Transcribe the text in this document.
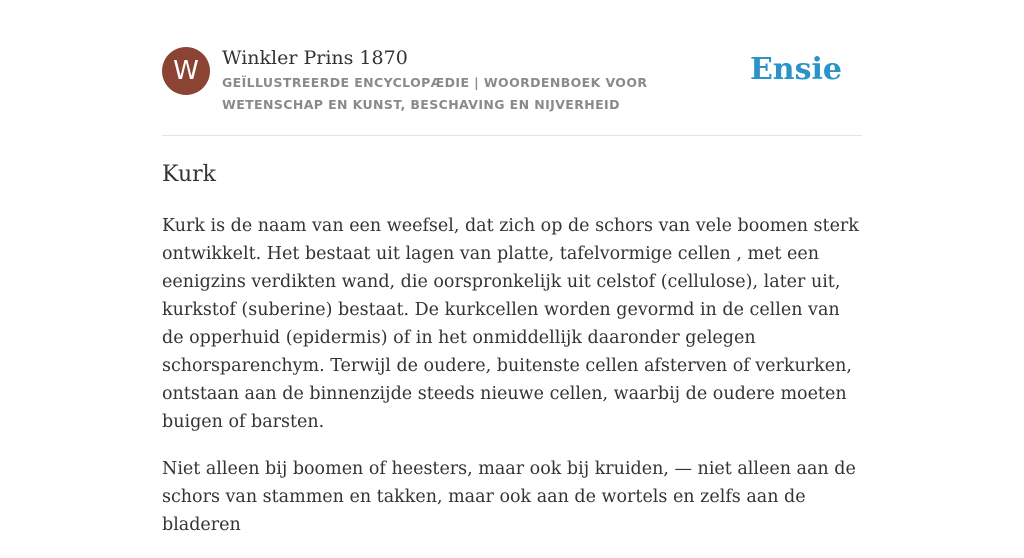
W	Winkler Prins 1870
GEÏLLUSTREERDE ENCYCLOPÆDIE | WOORDENBOEK VOOR WETENSCHAP EN KUNST, BESCHAVING EN NIJVERHEID
Ensie
Kurk

Kurk is de naam van een weefsel, dat zich op de schors van vele boomen sterk ontwikkelt. Het bestaat uit lagen van platte, tafelvormige cellen , met een eenigzins verdikten wand, die oorspronkelijk uit celstof (cellulose), later uit, kurkstof (suberine) bestaat. De kurkcellen worden gevormd in de cellen van de opperhuid (epidermis) of in het onmiddellijk daaronder gelegen schorsparenchym. Terwijl de oudere, buitenste cellen afsterven of verkurken, ontstaan aan de binnenzijde steeds nieuwe cellen, waarbij de oudere moeten buigen of barsten.

Niet alleen bij boomen of heesters, maar ook bij kruiden, — niet alleen aan de schors van stammen en takken, maar ook aan de wortels en zelfs aan de bladeren
